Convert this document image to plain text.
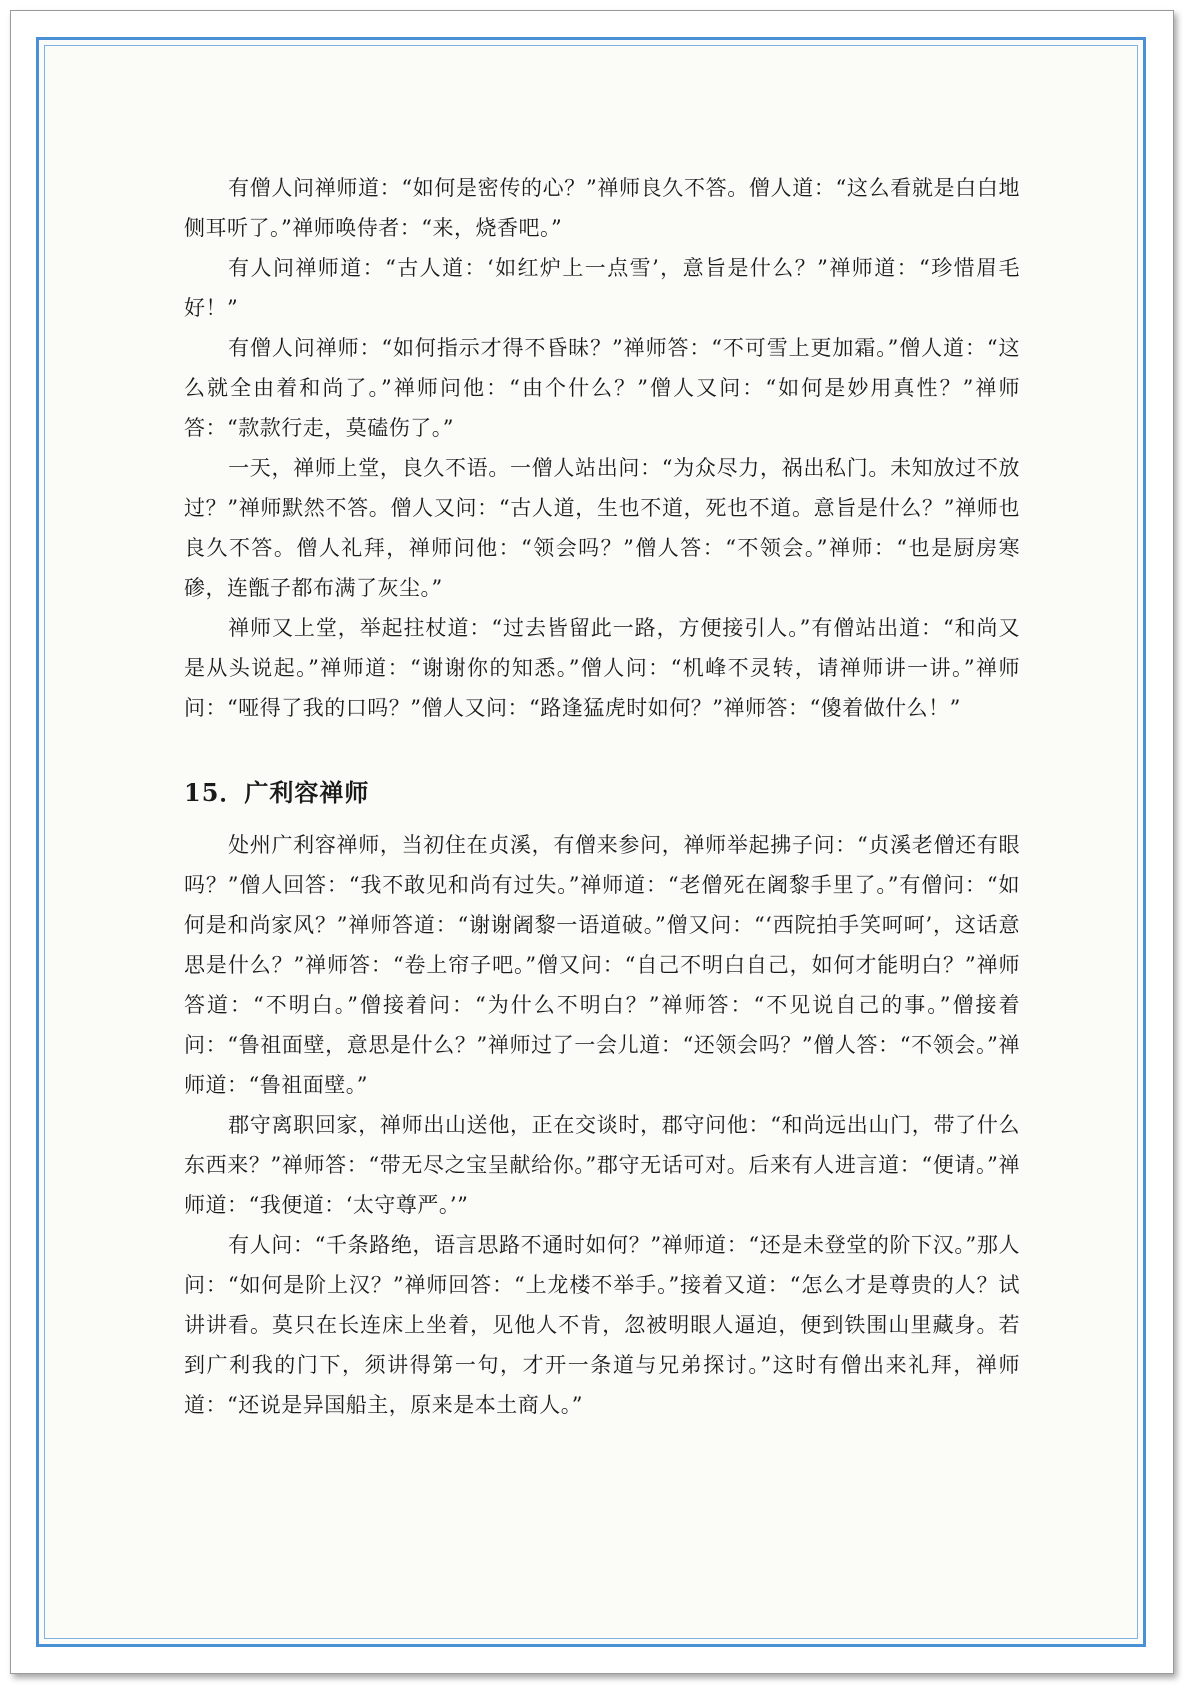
有僧人问禅师道：“如何是密传的心？”禅师良久不答。僧人道：“这么看就是白白地侧耳听了。”禅师唤侍者：“来，烧香吧。”

有人问禅师道：“古人道：‘如红炉上一点雪’，意旨是什么？”禅师道：“珍惜眉毛好！”

有僧人问禅师：“如何指示才得不昏昧？”禅师答：“不可雪上更加霜。”僧人道：“这么就全由着和尚了。”禅师问他：“由个什么？”僧人又问：“如何是妙用真性？”禅师答：“款款行走，莫磕伤了。”

一天，禅师上堂，良久不语。一僧人站出问：“为众尽力，祸出私门。未知放过不放过？”禅师默然不答。僧人又问：“古人道，生也不道，死也不道。意旨是什么？”禅师也良久不答。僧人礼拜，禅师问他：“领会吗？”僧人答：“不领会。”禅师：“也是厨房寒碜，连甑子都布满了灰尘。”

禅师又上堂，举起拄杖道：“过去皆留此一路，方便接引人。”有僧站出道：“和尚又是从头说起。”禅师道：“谢谢你的知悉。”僧人问：“机峰不灵转，请禅师讲一讲。”禅师问：“哑得了我的口吗？”僧人又问：“路逢猛虎时如何？”禅师答：“傻着做什么！”

15．广利容禅师

处州广利容禅师，当初住在贞溪，有僧来参问，禅师举起拂子问：“贞溪老僧还有眼吗？”僧人回答：“我不敢见和尚有过失。”禅师道：“老僧死在阇黎手里了。”有僧问：“如何是和尚家风？”禅师答道：“谢谢阇黎一语道破。”僧又问：“‘西院拍手笑呵呵’，这话意思是什么？”禅师答：“卷上帘子吧。”僧又问：“自己不明白自己，如何才能明白？”禅师答道：“不明白。”僧接着问：“为什么不明白？”禅师答：“不见说自己的事。”僧接着问：“鲁祖面壁，意思是什么？”禅师过了一会儿道：“还领会吗？”僧人答：“不领会。”禅师道：“鲁祖面壁。”

郡守离职回家，禅师出山送他，正在交谈时，郡守问他：“和尚远出山门，带了什么东西来？”禅师答：“带无尽之宝呈献给你。”郡守无话可对。后来有人进言道：“便请。”禅师道：“我便道：‘太守尊严。’”

有人问：“千条路绝，语言思路不通时如何？”禅师道：“还是未登堂的阶下汉。”那人问：“如何是阶上汉？”禅师回答：“上龙楼不举手。”接着又道：“怎么才是尊贵的人？试讲讲看。莫只在长连床上坐着，见他人不肯，忽被明眼人逼迫，便到铁围山里藏身。若到广利我的门下，须讲得第一句，才开一条道与兄弟探讨。”这时有僧出来礼拜，禅师道：“还说是异国船主，原来是本土商人。”
